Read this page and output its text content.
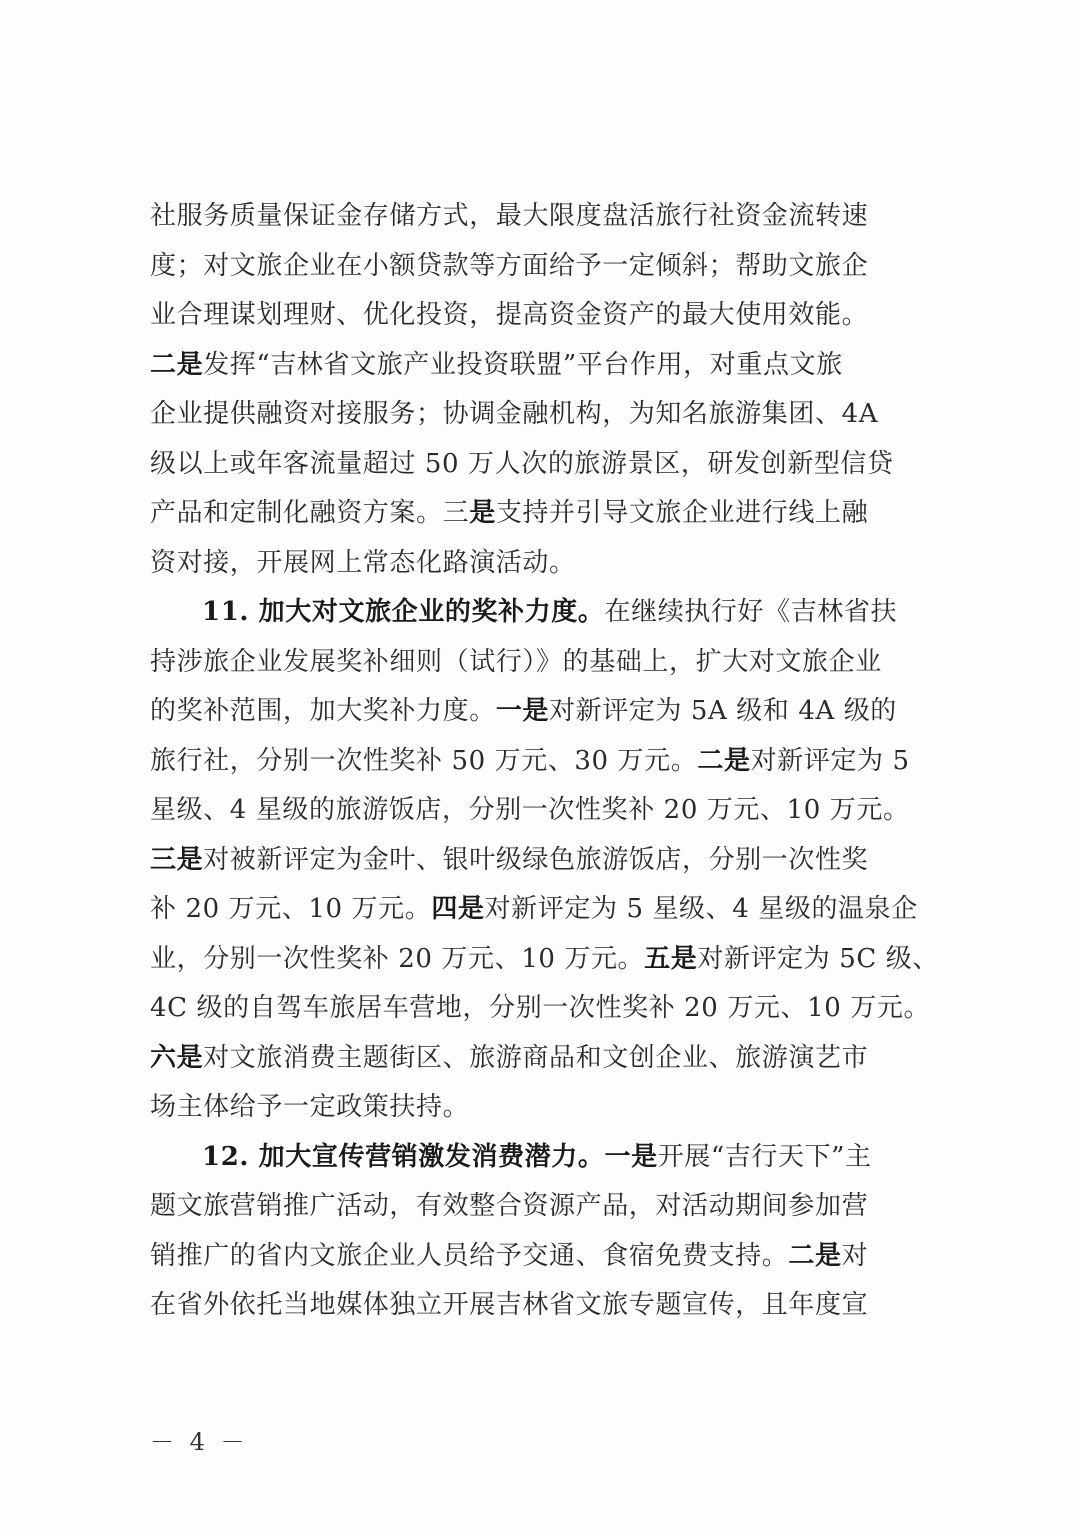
社服务质量保证金存储方式，最大限度盘活旅行社资金流转速
度；对文旅企业在小额贷款等方面给予一定倾斜；帮助文旅企
业合理谋划理财、优化投资，提高资金资产的最大使用效能。
二是发挥“吉林省文旅产业投资联盟”平台作用，对重点文旅
企业提供融资对接服务；协调金融机构，为知名旅游集团、4A
级以上或年客流量超过 50 万人次的旅游景区，研发创新型信贷
产品和定制化融资方案。三是支持并引导文旅企业进行线上融
资对接，开展网上常态化路演活动。
11. 加大对文旅企业的奖补力度。在继续执行好《吉林省扶
持涉旅企业发展奖补细则（试行）》的基础上，扩大对文旅企业
的奖补范围，加大奖补力度。一是对新评定为 5A 级和 4A 级的
旅行社，分别一次性奖补 50 万元、30 万元。二是对新评定为 5
星级、4 星级的旅游饭店，分别一次性奖补 20 万元、10 万元。
三是对被新评定为金叶、银叶级绿色旅游饭店，分别一次性奖
补 20 万元、10 万元。四是对新评定为 5 星级、4 星级的温泉企
业，分别一次性奖补 20 万元、10 万元。五是对新评定为 5C 级、
4C 级的自驾车旅居车营地，分别一次性奖补 20 万元、10 万元。
六是对文旅消费主题街区、旅游商品和文创企业、旅游演艺市
场主体给予一定政策扶持。
12. 加大宣传营销激发消费潜力。一是开展“吉行天下”主
题文旅营销推广活动，有效整合资源产品，对活动期间参加营
销推广的省内文旅企业人员给予交通、食宿免费支持。二是对
在省外依托当地媒体独立开展吉林省文旅专题宣传，且年度宣
－ 4 －
